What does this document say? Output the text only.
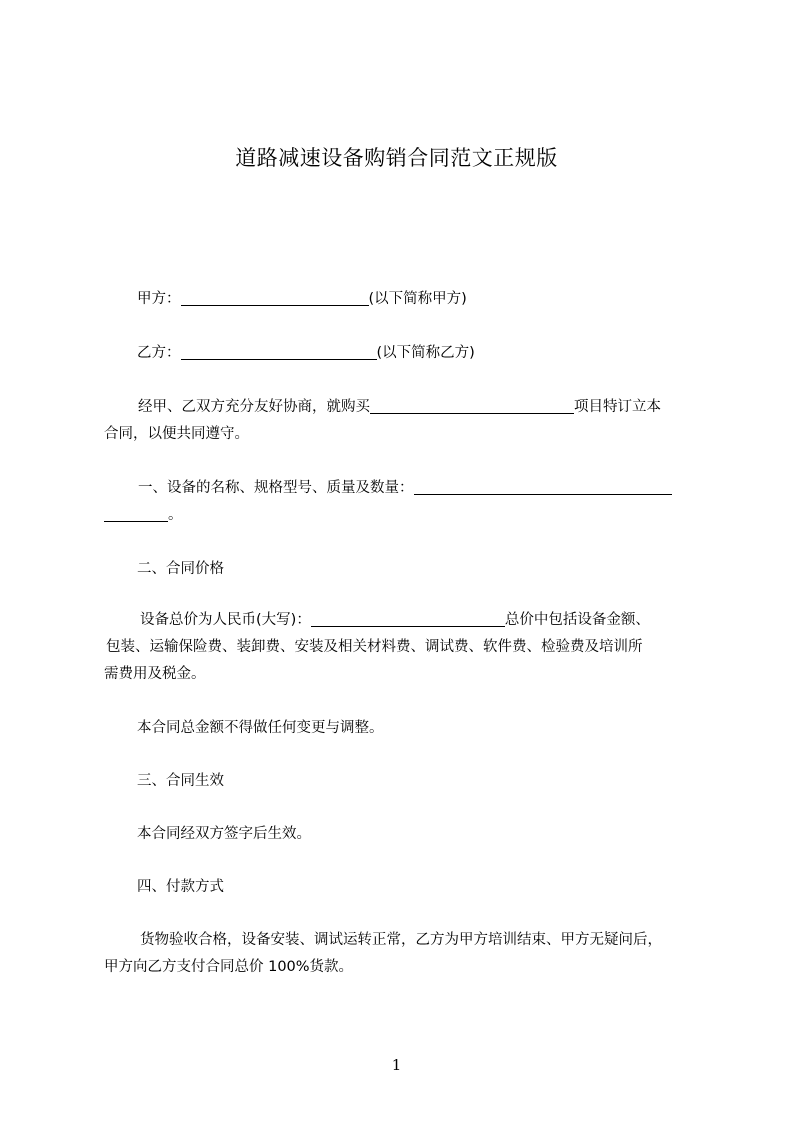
道路减速设备购销合同范文正规版
甲方：	(以下简称甲方)
乙方：	(以下简称乙方)
经甲、乙双方充分友好协商，就购买	项目特订立本
合同，以便共同遵守。
一、设备的名称、规格型号、质量及数量：
。
二、合同价格
设备总价为人民币(大写)：	总价中包括设备金额、
包装、运输保险费、装卸费、安装及相关材料费、调试费、软件费、检验费及培训所
需费用及税金。
本合同总金额不得做任何变更与调整。
三、合同生效
本合同经双方签字后生效。
四、付款方式
货物验收合格，设备安装、调试运转正常，乙方为甲方培训结束、甲方无疑问后，
甲方向乙方支付合同总价 100%货款。
1
